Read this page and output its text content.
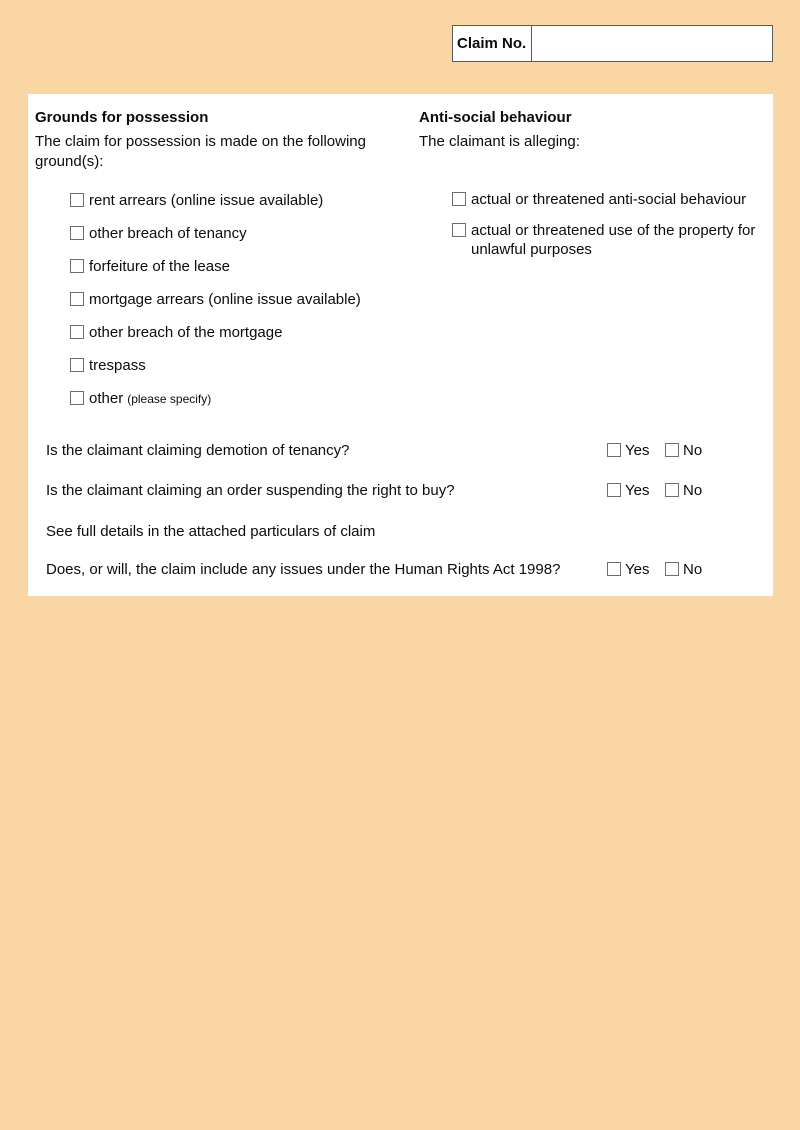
Claim No.
Grounds for possession
The claim for possession is made on the following ground(s):
rent arrears (online issue available)
other breach of tenancy
forfeiture of the lease
mortgage arrears (online issue available)
other breach of the mortgage
trespass
other (please specify)
Anti-social behaviour
The claimant is alleging:
actual or threatened anti-social behaviour
actual or threatened use of the property for unlawful purposes
Is the claimant claiming demotion of tenancy?	Yes No
Is the claimant claiming an order suspending the right to buy?	Yes No
See full details in the attached particulars of claim
Does, or will, the claim include any issues under the Human Rights Act 1998?	Yes No
